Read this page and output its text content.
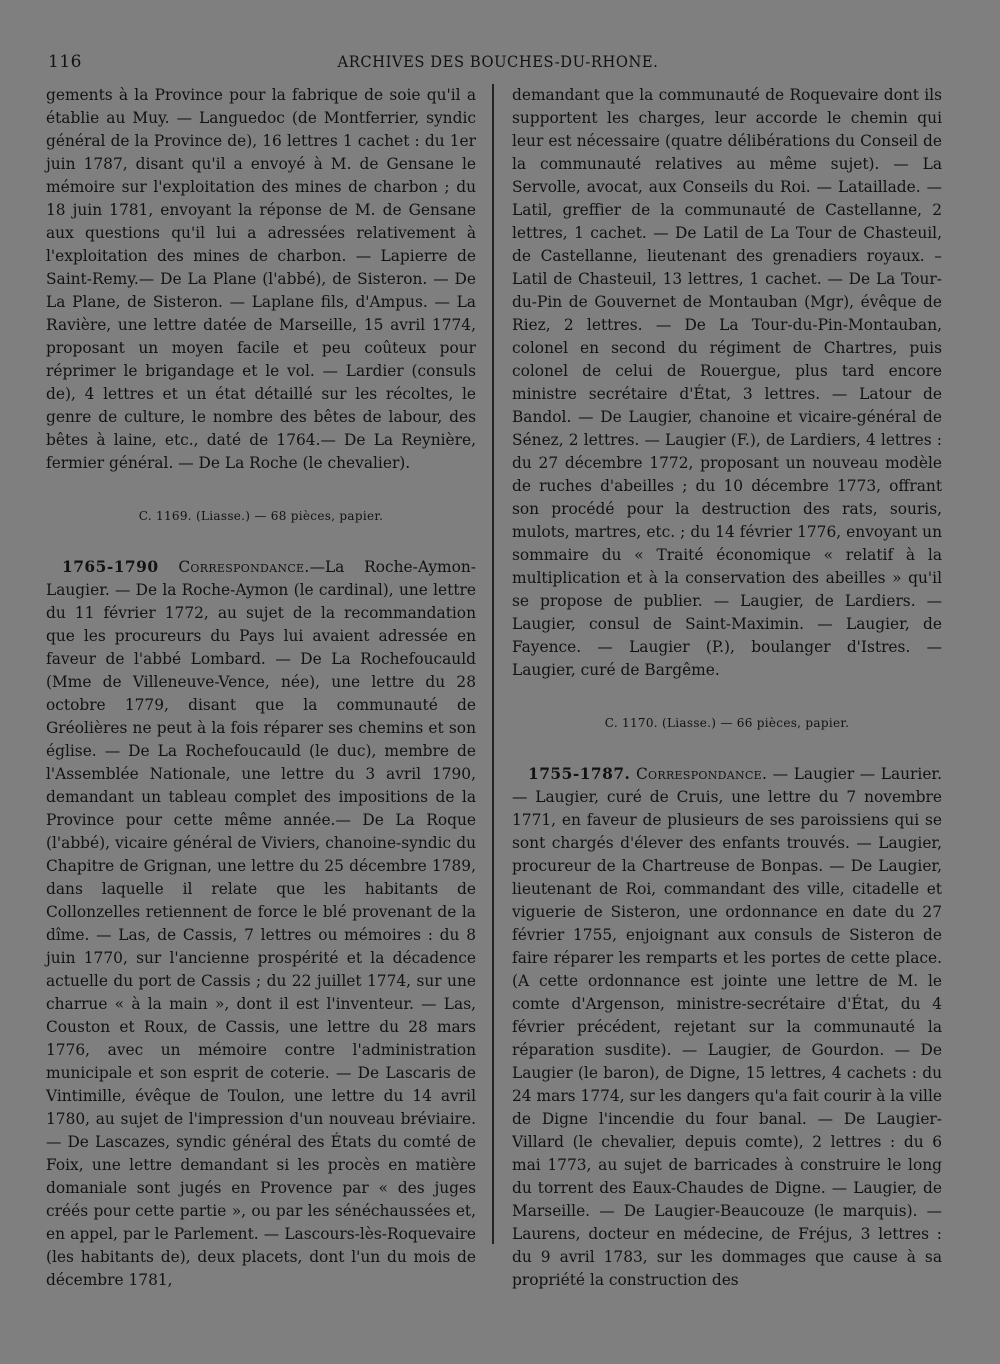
116	ARCHIVES DES BOUCHES-DU-RHONE.

gements à la Province pour la fabrique de soie qu'il a établie au Muy. — Languedoc (de Montferrier, syndic général de la Province de), 16 lettres 1 cachet : du 1er juin 1787, disant qu'il a envoyé à M. de Gensane le mémoire sur l'exploitation des mines de charbon ; du 18 juin 1781, envoyant la réponse de M. de Gensane aux questions qu'il lui a adressées relativement à l'exploitation des mines de charbon. — Lapierre de Saint-Remy.— De La Plane (l'abbé), de Sisteron. — De La Plane, de Sisteron. — Laplane fils, d'Ampus. — La Ravière, une lettre datée de Marseille, 15 avril 1774, proposant un moyen facile et peu coûteux pour réprimer le brigandage et le vol. — Lardier (consuls de), 4 lettres et un état détaillé sur les récoltes, le genre de culture, le nombre des bêtes de labour, des bêtes à laine, etc., daté de 1764.— De La Reynière, fermier général. — De La Roche (le chevalier).

C. 1169. (Liasse.) — 68 pièces, papier.

1765-1790 Correspondance.—La Roche-Aymon-Laugier. — De la Roche-Aymon (le cardinal), une lettre du 11 février 1772, au sujet de la recommandation que les procureurs du Pays lui avaient adressée en faveur de l'abbé Lombard. — De La Rochefoucauld (Mme de Villeneuve-Vence, née), une lettre du 28 octobre 1779, disant que la communauté de Gréolières ne peut à la fois réparer ses chemins et son église. — De La Rochefoucauld (le duc), membre de l'Assemblée Nationale, une lettre du 3 avril 1790, demandant un tableau complet des impositions de la Province pour cette même année.— De La Roque (l'abbé), vicaire général de Viviers, chanoine-syndic du Chapitre de Grignan, une lettre du 25 décembre 1789, dans laquelle il relate que les habitants de Collonzelles retiennent de force le blé provenant de la dîme. — Las, de Cassis, 7 lettres ou mémoires : du 8 juin 1770, sur l'ancienne prospérité et la décadence actuelle du port de Cassis ; du 22 juillet 1774, sur une charrue « à la main », dont il est l'inventeur. — Las, Couston et Roux, de Cassis, une lettre du 28 mars 1776, avec un mémoire contre l'administration municipale et son esprit de coterie. — De Lascaris de Vintimille, évêque de Toulon, une lettre du 14 avril 1780, au sujet de l'impression d'un nouveau bréviaire.— De Lascazes, syndic général des États du comté de Foix, une lettre demandant si les procès en matière domaniale sont jugés en Provence par « des juges créés pour cette partie », ou par les sénéchaussées et, en appel, par le Parlement. — Lascours-lès-Roquevaire (les habitants de), deux placets, dont l'un du mois de décembre 1781,

demandant que la communauté de Roquevaire dont ils supportent les charges, leur accorde le chemin qui leur est nécessaire (quatre délibérations du Conseil de la communauté relatives au même sujet). — La Servolle, avocat, aux Conseils du Roi. — Lataillade. — Latil, greffier de la communauté de Castellanne, 2 lettres, 1 cachet. — De Latil de La Tour de Chasteuil, de Castellanne, lieutenant des grenadiers royaux. – Latil de Chasteuil, 13 lettres, 1 cachet. — De La Tour-du-Pin de Gouvernet de Montauban (Mgr), évêque de Riez, 2 lettres. — De La Tour-du-Pin-Montauban, colonel en second du régiment de Chartres, puis colonel de celui de Rouergue, plus tard encore ministre secrétaire d'État, 3 lettres. — Latour de Bandol. — De Laugier, chanoine et vicaire-général de Sénez, 2 lettres. — Laugier (F.), de Lardiers, 4 lettres : du 27 décembre 1772, proposant un nouveau modèle de ruches d'abeilles ; du 10 décembre 1773, offrant son procédé pour la destruction des rats, souris, mulots, martres, etc. ; du 14 février 1776, envoyant un sommaire du « Traité économique « relatif à la multiplication et à la conservation des abeilles » qu'il se propose de publier. — Laugier, de Lardiers. — Laugier, consul de Saint-Maximin. — Laugier, de Fayence. — Laugier (P.), boulanger d'Istres. — Laugier, curé de Bargême.

C. 1170. (Liasse.) — 66 pièces, papier.

1755-1787. Correspondance. — Laugier — Laurier. — Laugier, curé de Cruis, une lettre du 7 novembre 1771, en faveur de plusieurs de ses paroissiens qui se sont chargés d'élever des enfants trouvés. — Laugier, procureur de la Chartreuse de Bonpas. — De Laugier, lieutenant de Roi, commandant des ville, citadelle et viguerie de Sisteron, une ordonnance en date du 27 février 1755, enjoignant aux consuls de Sisteron de faire réparer les remparts et les portes de cette place. (A cette ordonnance est jointe une lettre de M. le comte d'Argenson, ministre-secrétaire d'État, du 4 février précédent, rejetant sur la communauté la réparation susdite). — Laugier, de Gourdon. — De Laugier (le baron), de Digne, 15 lettres, 4 cachets : du 24 mars 1774, sur les dangers qu'a fait courir à la ville de Digne l'incendie du four banal. — De Laugier-Villard (le chevalier, depuis comte), 2 lettres : du 6 mai 1773, au sujet de barricades à construire le long du torrent des Eaux-Chaudes de Digne. — Laugier, de Marseille. — De Laugier-Beaucouze (le marquis). — Laurens, docteur en médecine, de Fréjus, 3 lettres : du 9 avril 1783, sur les dommages que cause à sa propriété la construction des
